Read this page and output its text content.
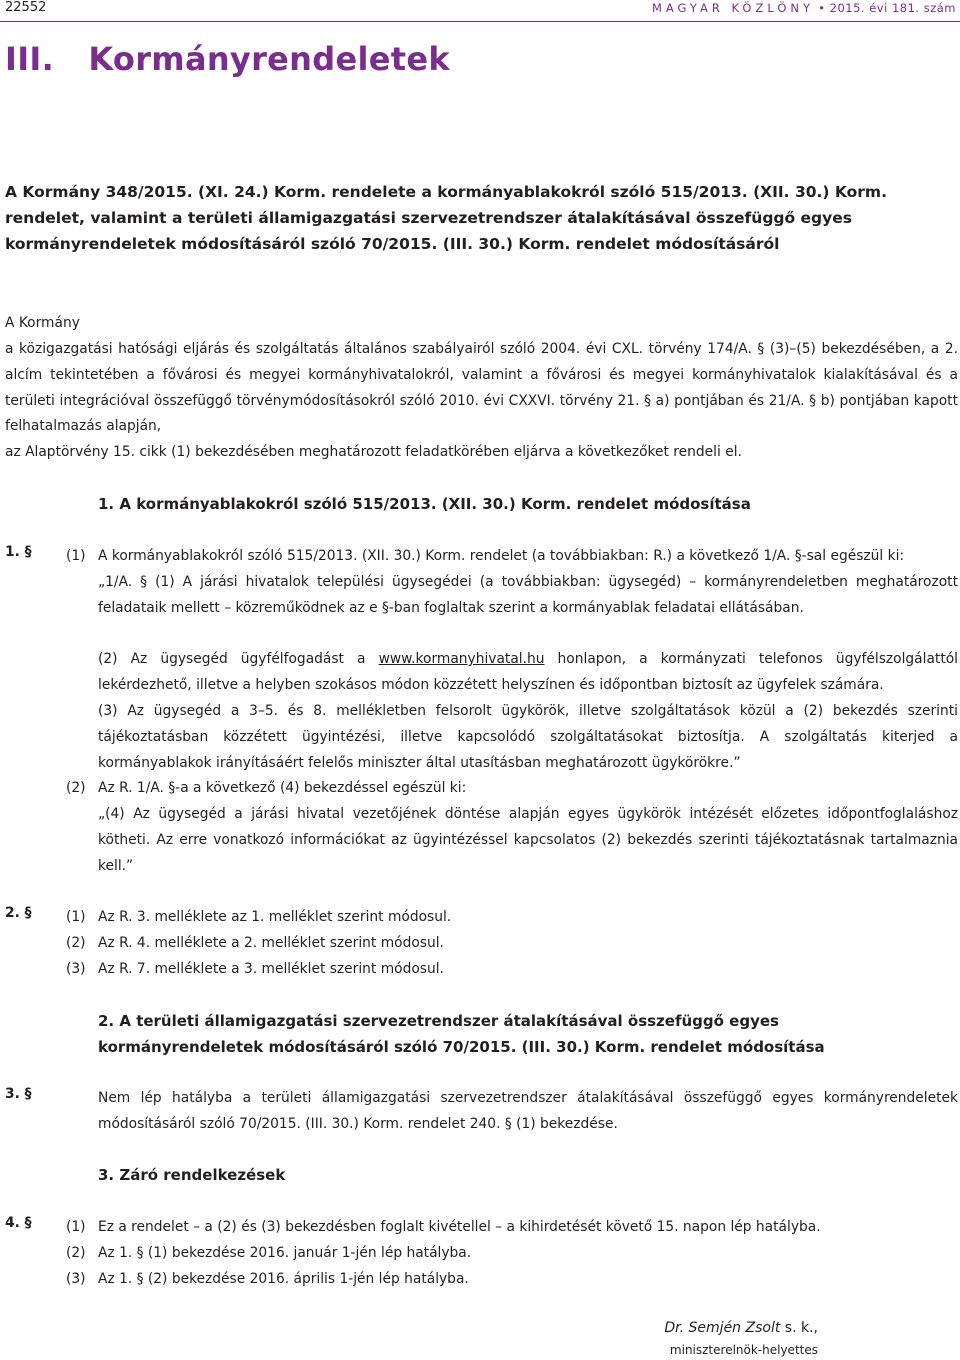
22552	MAGYAR KÖZLÖNY • 2015. évi 181. szám
III.   Kormányrendeletek
A Kormány 348/2015. (XI. 24.) Korm. rendelete a kormányablakokról szóló 515/2013. (XII. 30.) Korm. rendelet, valamint a területi államigazgatási szervezetrendszer átalakításával összefüggő egyes kormányrendeletek módosításáról szóló 70/2015. (III. 30.) Korm. rendelet módosításáról
A Kormány
a közigazgatási hatósági eljárás és szolgáltatás általános szabályairól szóló 2004. évi CXL. törvény 174/A. § (3)–(5) bekezdésében, a 2. alcím tekintetében a fővárosi és megyei kormányhivatalokról, valamint a fővárosi és megyei kormányhivatalok kialakításával és a területi integrációval összefüggő törvénymódosításokról szóló 2010. évi CXXVI. törvény 21. § a) pontjában és 21/A. § b) pontjában kapott felhatalmazás alapján,
az Alaptörvény 15. cikk (1) bekezdésében meghatározott feladatkörében eljárva a következőket rendeli el.
1. A kormányablakokról szóló 515/2013. (XII. 30.) Korm. rendelet módosítása
1. § (1) A kormányablakokról szóló 515/2013. (XII. 30.) Korm. rendelet (a továbbiakban: R.) a következő 1/A. §-sal egészül ki:
„1/A. § (1) A járási hivatalok települési ügysegédei (a továbbiakban: ügysegéd) – kormányrendeletben meghatározott feladataik mellett – közreműködnek az e §-ban foglaltak szerint a kormányablak feladatai ellátásában.
(2) Az ügysegéd ügyfélfogadást a www.kormanyhivatal.hu honlapon, a kormányzati telefonos ügyfélszolgálattól lekérdezhető, illetve a helyben szokásos módon közzétett helyszínen és időpontban biztosít az ügyfelek számára.
(3) Az ügysegéd a 3–5. és 8. mellékletben felsorolt ügykörök, illetve szolgáltatások közül a (2) bekezdés szerinti tájékoztatásban közzétett ügyintézési, illetve kapcsolódó szolgáltatásokat biztosítja. A szolgáltatás kiterjed a kormányablakok irányításáért felelős miniszter által utasításban meghatározott ügykörökre.”
(2) Az R. 1/A. §-a a következő (4) bekezdéssel egészül ki:
„(4) Az ügysegéd a járási hivatal vezetőjének döntése alapján egyes ügykörök intézését előzetes időpontfoglaláshoz kötheti. Az erre vonatkozó információkat az ügyintézéssel kapcsolatos (2) bekezdés szerinti tájékoztatásnak tartalmaznia kell.”
2. § (1) Az R. 3. melléklete az 1. melléklet szerint módosul.
(2) Az R. 4. melléklete a 2. melléklet szerint módosul.
(3) Az R. 7. melléklete a 3. melléklet szerint módosul.
2. A területi államigazgatási szervezetrendszer átalakításával összefüggő egyes kormányrendeletek módosításáról szóló 70/2015. (III. 30.) Korm. rendelet módosítása
3. §	Nem lép hatályba a területi államigazgatási szervezetrendszer átalakításával összefüggő egyes kormányrendeletek módosításáról szóló 70/2015. (III. 30.) Korm. rendelet 240. § (1) bekezdése.
3. Záró rendelkezések
4. § (1) Ez a rendelet – a (2) és (3) bekezdésben foglalt kivétellel – a kihirdetését követő 15. napon lép hatályba.
(2) Az 1. § (1) bekezdése 2016. január 1-jén lép hatályba.
(3) Az 1. § (2) bekezdése 2016. április 1-jén lép hatályba.
Dr. Semjén Zsolt s. k.,
miniszterelnök-helyettes
